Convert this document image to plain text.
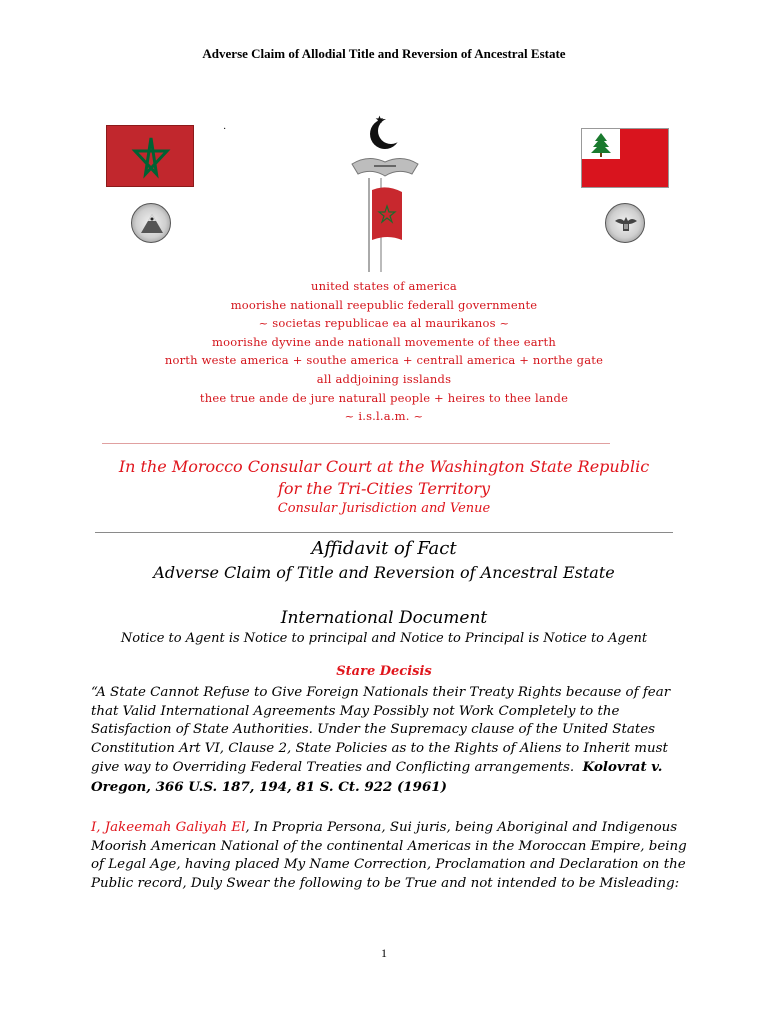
Adverse Claim of Allodial Title and Reversion of Ancestral Estate
·
united states of america
moorishe nationall reepublic federall governmente
~ societas republicae ea al maurikanos ~
moorishe dyvine ande nationall movemente of thee earth
north weste america + southe america + centrall america + northe gate
all addjoining isslands
thee true ande de jure naturall people + heires to thee lande
~ i.s.l.a.m. ~
In the Morocco Consular Court at the Washington State Republic
for the Tri-Cities Territory
Consular Jurisdiction and Venue
Affidavit of Fact
Adverse Claim of Title and Reversion of Ancestral Estate
International Document
Notice to Agent is Notice to principal and Notice to Principal is Notice to Agent
Stare Decisis
“A State Cannot Refuse to Give Foreign Nationals their Treaty Rights because of fear
that Valid International Agreements May Possibly not Work Completely to the
Satisfaction of State Authorities. Under the Supremacy clause of the United States
Constitution Art VI, Clause 2, State Policies as to the Rights of Aliens to Inherit must
give way to Overriding Federal Treaties and Conflicting arrangements. Kolovrat v.
Oregon, 366 U.S. 187, 194, 81 S. Ct. 922 (1961)
I, Jakeemah Galiyah El, In Propria Persona, Sui juris, being Aboriginal and Indigenous
Moorish American National of the continental Americas in the Moroccan Empire, being
of Legal Age, having placed My Name Correction, Proclamation and Declaration on the
Public record, Duly Swear the following to be True and not intended to be Misleading:
1
